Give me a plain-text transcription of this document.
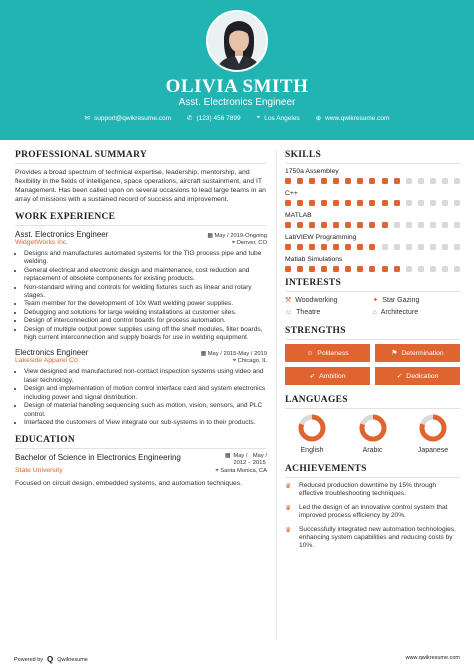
OLIVIA SMITH
Asst. Electronics Engineer
✉ support@qwikresume.com ✆ (123) 456 7899 ⌖ Los Angeles ⊕ www.qwikresume.com
PROFESSIONAL SUMMARY
Provides a broad spectrum of technical expertise, leadership, mentorship, and flexibility in the fields of intelligence, space operations, aircraft sustainment, and IT Management. Has been called upon on several occasions to lead large teams in an array of missions with a sustained record of success and improvement.
WORK EXPERIENCE
Asst. Electronics Engineer	▦ May / 2019-Ongoing
WidgetWorks Inc.	⌖ Denver, CO
• Designs and manufactures automated systems for the TIG process pipe and tube welding.
• General electrical and electronic design and maintenance, cost reduction and replacement of obsolete components for existing products.
• Non-standard wiring and controls for welding fixtures such as linear and rotary stages.
• Team member for the development of 10x Watt welding power supplies.
• Debugging and solutions for large welding installations at customer sites.
• Design of interconnection and control boards for process automation.
• Design of multiple output power supplies using off the shelf modules, filter boards, high current interconnection and supply boards for use in welding equipment.
Electronics Engineer	▦ May / 2015-May / 2019
Lakeside Apparel Co	⌖ Chicago, IL
• View designed and manufactured non-contact inspection systems using video and laser technology.
• Design and implementation of motion control interface card and system electronics including power and signal distribution.
• Design of material handling sequencing such as motion, vision, sensors, and PLC control.
• Interfaced the customers of View integrate our sub-systems in to their products.
EDUCATION
Bachelor of Science in Electronics Engineering	▦ May /
2012 -
May /
2015
State University	⌖ Santa Monica, CA
Focused on circuit design, embedded systems, and automation techniques.
SKILLS
1750a Assembley
C++
MATLAB
LabVIEW Programming
Matlab Simulations
INTERESTS
⚒ Woodworking	✦ Star Gazing
☺ Theatre	⌂ Architecture
STRENGTHS
☺ Politeness	⚑ Determination
➶ Ambition	✓ Dedication
LANGUAGES
English	Arabic	Japanese
ACHIEVEMENTS
♛	Reduced production downtime by 15% through effective troubleshooting techniques.
♛	Led the design of an innovative control system that improved process efficiency by 20%.
♛	Successfully integrated new automation technologies, enhancing system capabilities and reducing costs by 10%.
Powered by Q Qwikresume	www.qwikresume.com
